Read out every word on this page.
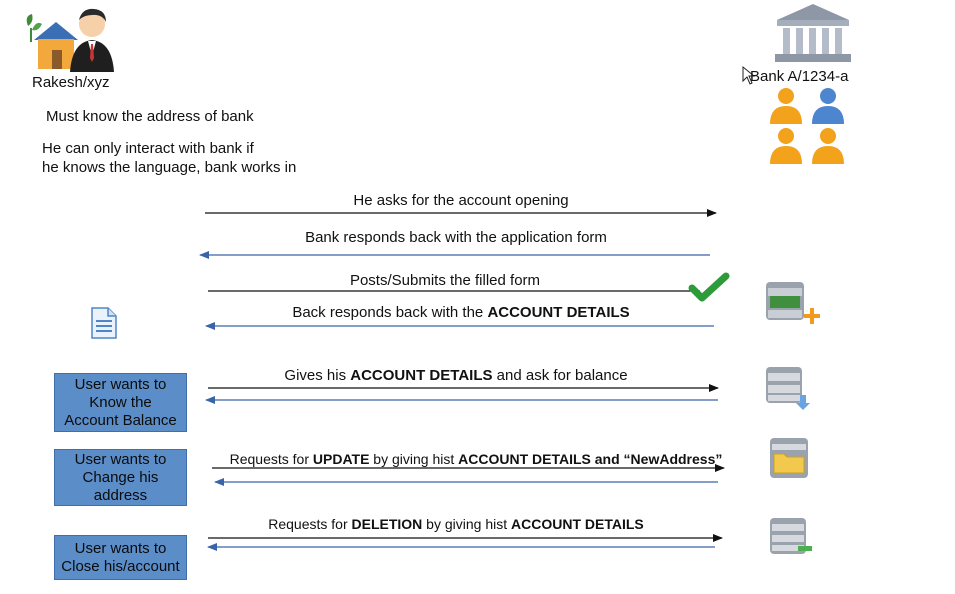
Rakesh/xyz	Bank A/1234-a
Must know the address of bank
He can only interact with bank if
he knows the language, bank works in
He asks for the account opening
Bank responds back with the application form
Posts/Submits the filled form
Back responds back with the ACCOUNT DETAILS
Gives his ACCOUNT DETAILS and ask for balance
Requests for UPDATE by giving hist ACCOUNT DETAILS and “NewAddress”
Requests for DELETION by giving hist ACCOUNT DETAILS
User wants to
Know the
Account Balance
User wants to
Change his
address
User wants to
Close his/account
